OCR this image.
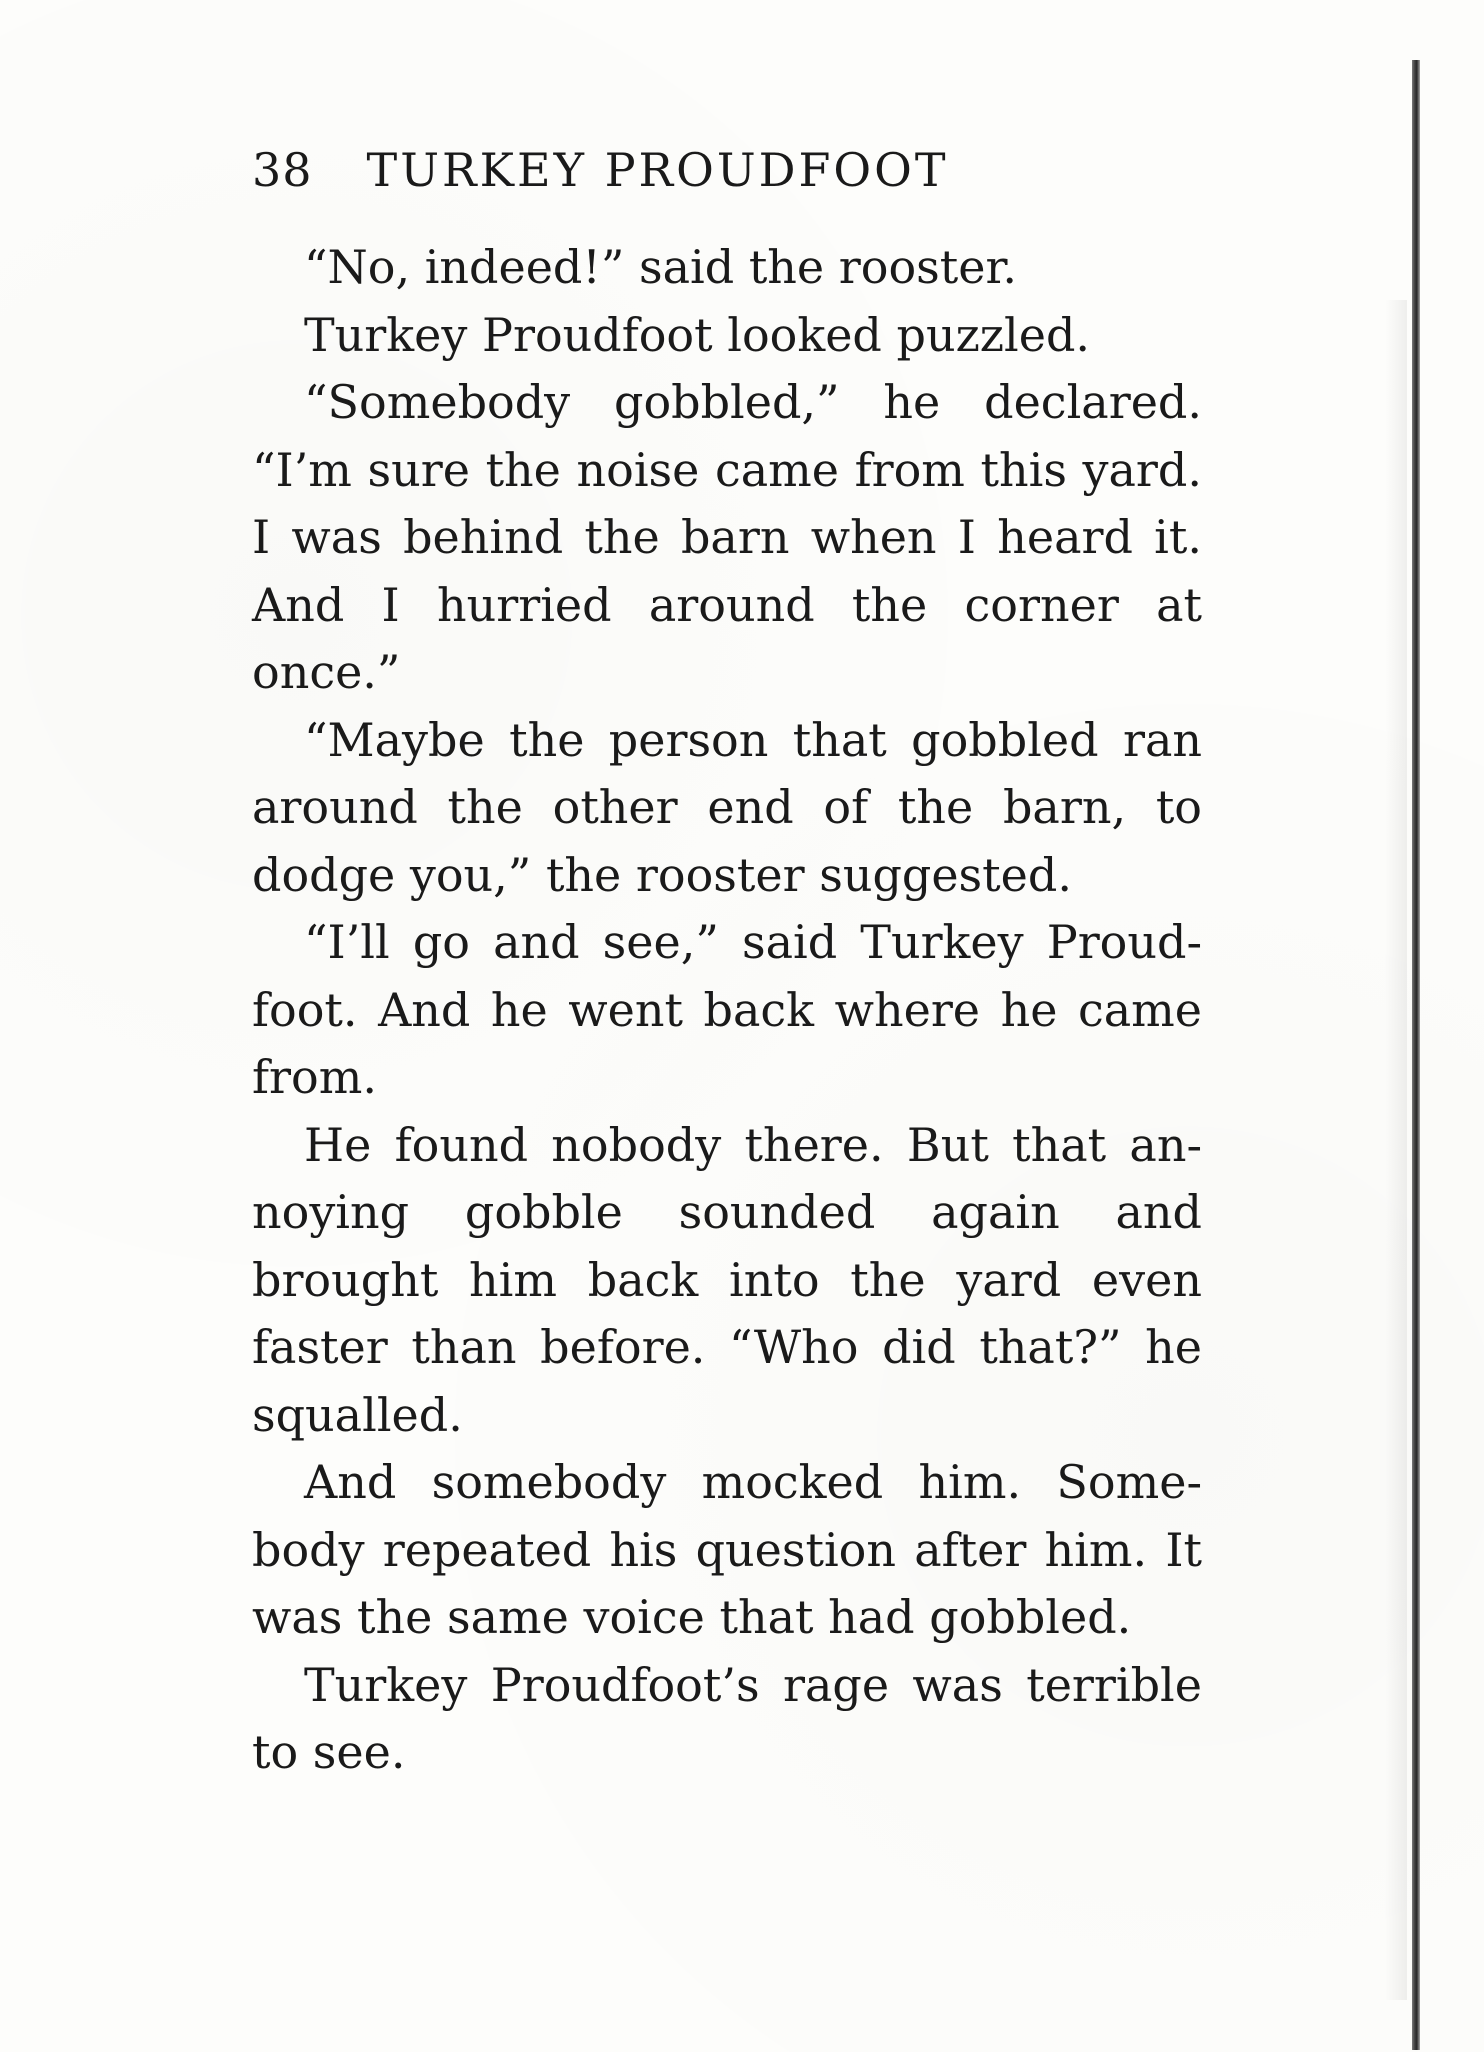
38 TURKEY PROUDFOOT

“No, indeed!” said the rooster.

Turkey Proudfoot looked puzzled.

“Somebody gobbled,” he declared. “I’m sure the noise came from this yard. I was behind the barn when I heard it. And I hurried around the corner at once.”

“Maybe the person that gobbled ran around the other end of the barn, to dodge you,” the rooster suggested.

“I’ll go and see,” said Turkey Proudfoot. And he went back where he came from.

He found nobody there. But that annoying gobble sounded again and brought him back into the yard even faster than before. “Who did that?” he squalled.

And somebody mocked him. Somebody repeated his question after him. It was the same voice that had gobbled.

Turkey Proudfoot’s rage was terrible to see.
